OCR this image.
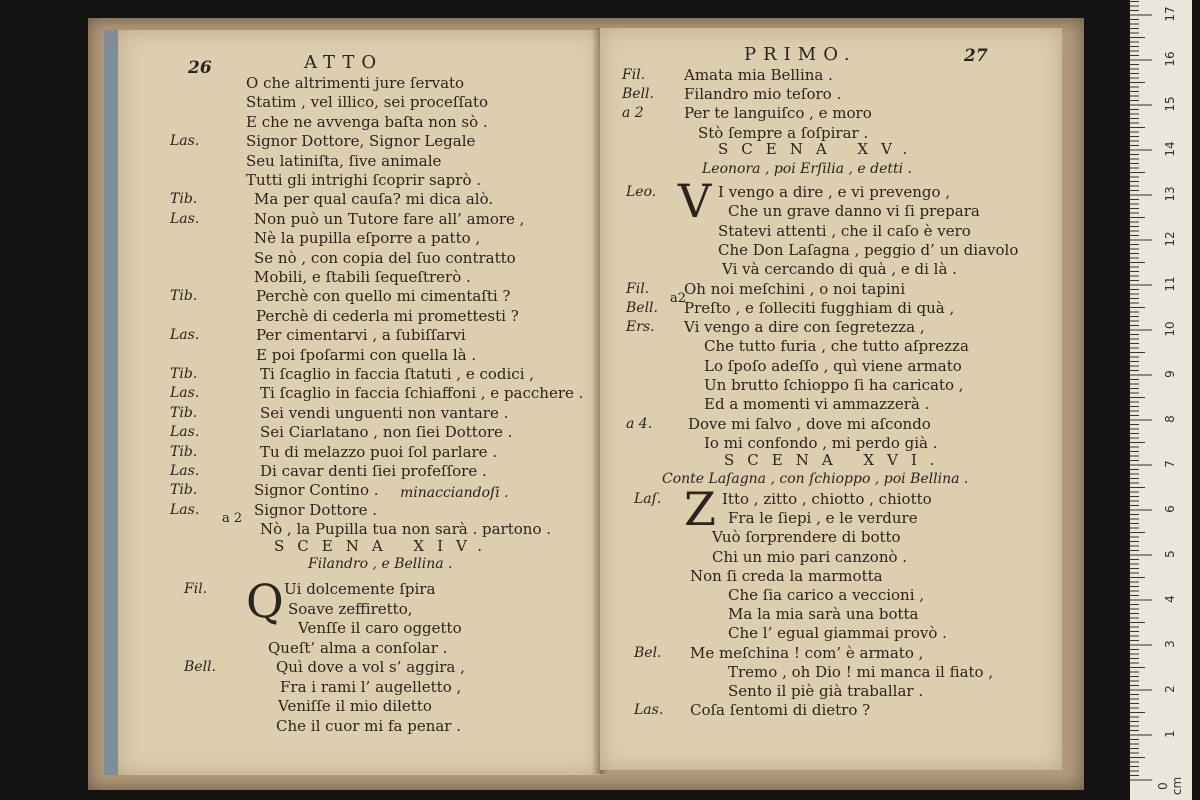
26	ATTO
O che altrimenti jure ſervato
Statim , vel illico, sei proceſſato
E che ne avvenga baſta non sò .
Las.	Signor Dottore, Signor Legale
Seu latiniſta, ſive animale
Tutti gli intrighi ſcoprir saprò .
Tib.	Ma per qual cauſa? mi dica alò.
Las.	Non può un Tutore fare all’ amore ,
Nè la pupilla eſporre a patto ,
Se nò , con copia del ſuo contratto
Mobili, e ſtabili ſequeſtrerò .
Tib.	Perchè con quello mi cimentaſti ?
Perchè di cederla mi promettesti ?
Las.	Per cimentarvi , a ſubiſſarvi
E poi ſpoſarmi con quella là .
Tib.	Ti ſcaglio in faccia ſtatuti , e codici ,
Las.	Ti ſcaglio in faccia ſchiaffoni , e pacchere .
Tib.	Sei vendi unguenti non vantare .
Las.	Sei Ciarlatano , non ſiei Dottore .
Tib.	Tu di melazzo puoi ſol parlare .
Las.	Di cavar denti ſiei profeſſore .
Tib.	Signor Contino .
Las.	Signor Dottore .
Nò , la Pupilla tua non sarà . partono .
a 2
minacciandoſi .
SCENA XIV.
Filandro , e Bellina .
Q
Fil.	Ui dolcemente ſpira
Soave zeffiretto,
Venſſe il caro oggetto
Queſt’ alma a conſolar .
Bell.	Quì dove a vol s’ aggira ,
Fra i rami l’ augelletto ,
Veniſſe il mio diletto
Che il cuor mi fa penar .
PRIMO.	27
Fil.	Amata mia Bellina .
Bell. Filandro mio teſoro .
a 2	Per te languiſco , e moro
Stò ſempre a ſoſpirar .
SCENA XV.
Leonora , poi Erſilia , e detti .
V
Leo.	I vengo a dire , e vi prevengo ,
Che un grave danno vi ſi prepara
Statevi attenti , che il caſo è vero
Che Don Laſagna , peggio d’ un diavolo
Vi và cercando di quà , e di là .
Fil. Oh noi meſchini , o noi tapini
Bell. Preſto , e ſolleciti fugghiam di quà ,
Ers. Vi vengo a dire con ſegretezza ,
Che tutto furia , che tutto aſprezza
Lo ſpoſo adeſſo , quì viene armato
Un brutto ſchioppo ſi ha caricato ,
Ed a momenti vi ammazzerà .
a 4. Dove mi ſalvo , dove mi aſcondo
Io mi confondo , mi perdo già .
a2
SCENA XVI.
Conte Laſagna , con ſchioppo , poi Bellina .
Z
Laſ.	Itto , zitto , chiotto , chiotto
Fra le ſiepi , e le verdure
Vuò ſorprendere di botto
Chi un mio pari canzonò .
Non ſi creda la marmotta
Che ſia carico a veccioni ,
Ma la mia sarà una botta
Che l’ egual giammai provò .
Bel. Me meſchina ! com’ è armato ,
Tremo , oh Dio ! mi manca il fiato ,
Sento il piè già traballar .
Las. Coſa ſentomi di dietro ?
0 cm
1
2
3
4
5
6
7
8
9
10
11
12
13
14
15
16
17
